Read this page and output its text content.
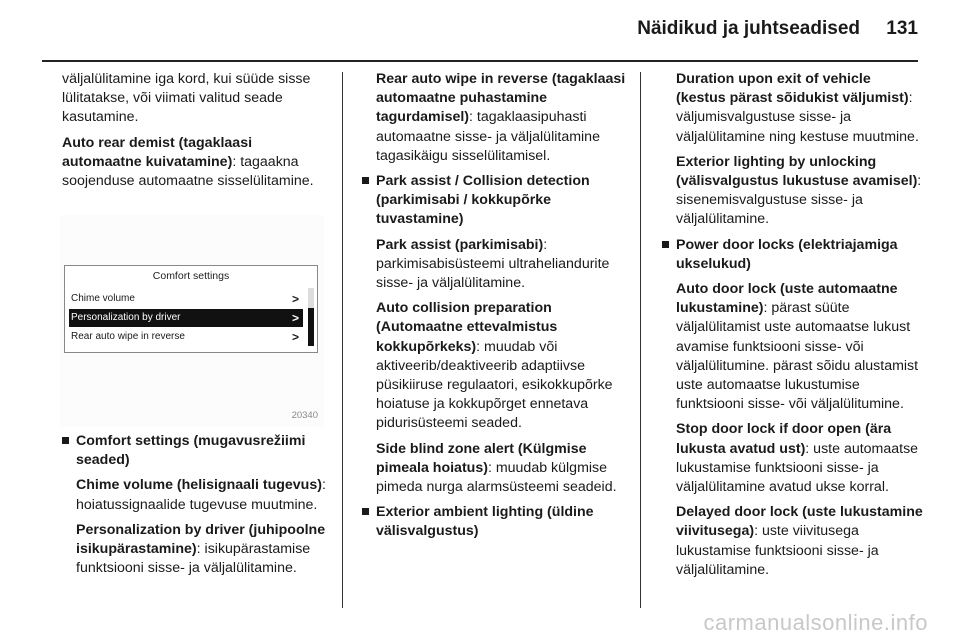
Näidikud ja juhtseadised 131

väljalülitamine iga kord, kui süüde sisse lülitatakse, või viimati valitud seade kasutamine.

Auto rear demist (tagaklaasi automaatne kuivatamine): tagaakna soojenduse automaatne sisselülitamine.

Comfort settings
Chime volume	>
Personalization by driver	>
Rear auto wipe in reverse	>
20340
Comfort settings (mugavusrežiimi seaded)

Chime volume (helisignaali tugevus): hoiatussignaalide tugevuse muutmine.

Personalization by driver (juhipoolne isikupärastamine): isikupärastamise funktsiooni sisse- ja väljalülitamine.

Rear auto wipe in reverse (tagaklaasi automaatne puhastamine tagurdamisel): tagaklaasipuhasti automaatne sisse- ja väljalülitamine tagasikäigu sisselülitamisel.

Park assist / Collision detection (parkimisabi / kokkupõrke tuvastamine)

Park assist (parkimisabi): parkimisabisüsteemi ultraheliandurite sisse- ja väljalülitamine.

Auto collision preparation (Automaatne ettevalmistus kokkupõrkeks): muudab või aktiveerib/deaktiveerib adaptiivse püsikiiruse regulaatori, esikokkupõrke hoiatuse ja kokkupõrget ennetava pidurisüsteemi seaded.

Side blind zone alert (Külgmise pimeala hoiatus): muudab külgmise pimeda nurga alarmsüsteemi seadeid.

Exterior ambient lighting (üldine välisvalgustus)

Duration upon exit of vehicle (kestus pärast sõidukist väljumist): väljumisvalgustuse sisse- ja väljalülitamine ning kestuse muutmine.

Exterior lighting by unlocking (välisvalgustus lukustuse avamisel): sisenemisvalgustuse sisse- ja väljalülitamine.

Power door locks (elektriajamiga ukselukud)

Auto door lock (uste automaatne lukustamine): pärast süüte väljalülitamist uste automaatse lukust avamise funktsiooni sisse- või väljalülitumine. pärast sõidu alustamist uste automaatse lukustumise funktsiooni sisse- või väljalülitumine.

Stop door lock if door open (ära lukusta avatud ust): uste automaatse lukustamise funktsiooni sisse- ja väljalülitamine avatud ukse korral.

Delayed door lock (uste lukustamine viivitusega): uste viivitusega lukustamise funktsiooni sisse- ja väljalülitamine.

carmanualsonline.info
